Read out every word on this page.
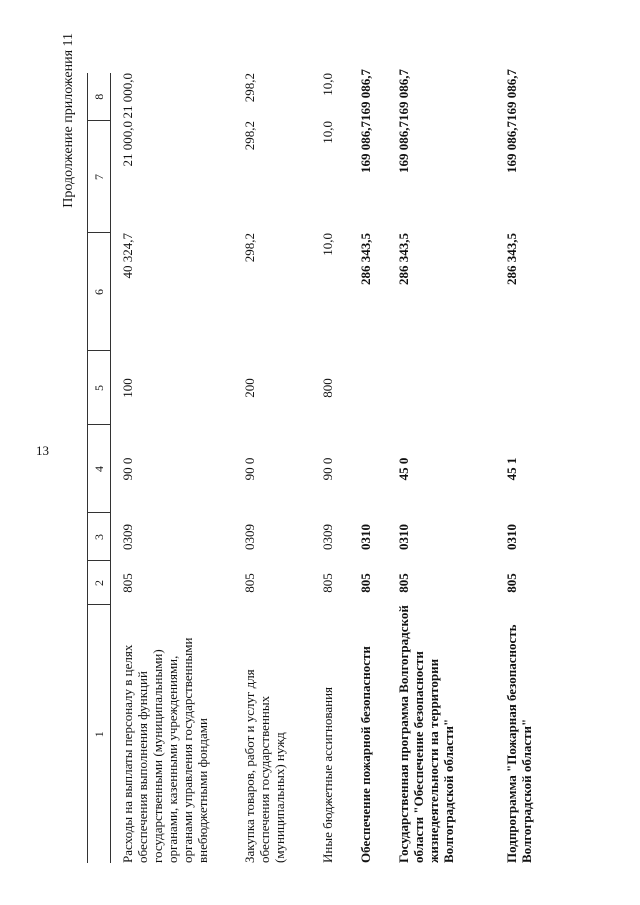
13
Продолжение приложения 11
1	2	3	4	5	6	7	8
Расходы на выплаты персоналу в целях обеспечения выполнения функций государственными (муниципальными) органами, казенными учреждениями, органами управления государственными внебюджетными фондами	805	0309	90 0	100	40 324,7	21 000,0	21 000,0
Закупка товаров, работ и услуг для обеспечения государственных (муниципальных) нужд	805	0309	90 0	200	298,2	298,2	298,2
Иные бюджетные ассигнования	805	0309	90 0	800	10,0	10,0	10,0
Обеспечение пожарной безопасности	805	0310			286 343,5	169 086,7	169 086,7
Государственная программа Волгоградской области "Обеспечение безопасности жизнедеятельности на территории Волгоградской области"	805	0310	45 0		286 343,5	169 086,7	169 086,7
Подпрограмма "Пожарная безопасность Волгоградской области"	805	0310	45 1		286 343,5	169 086,7	169 086,7
